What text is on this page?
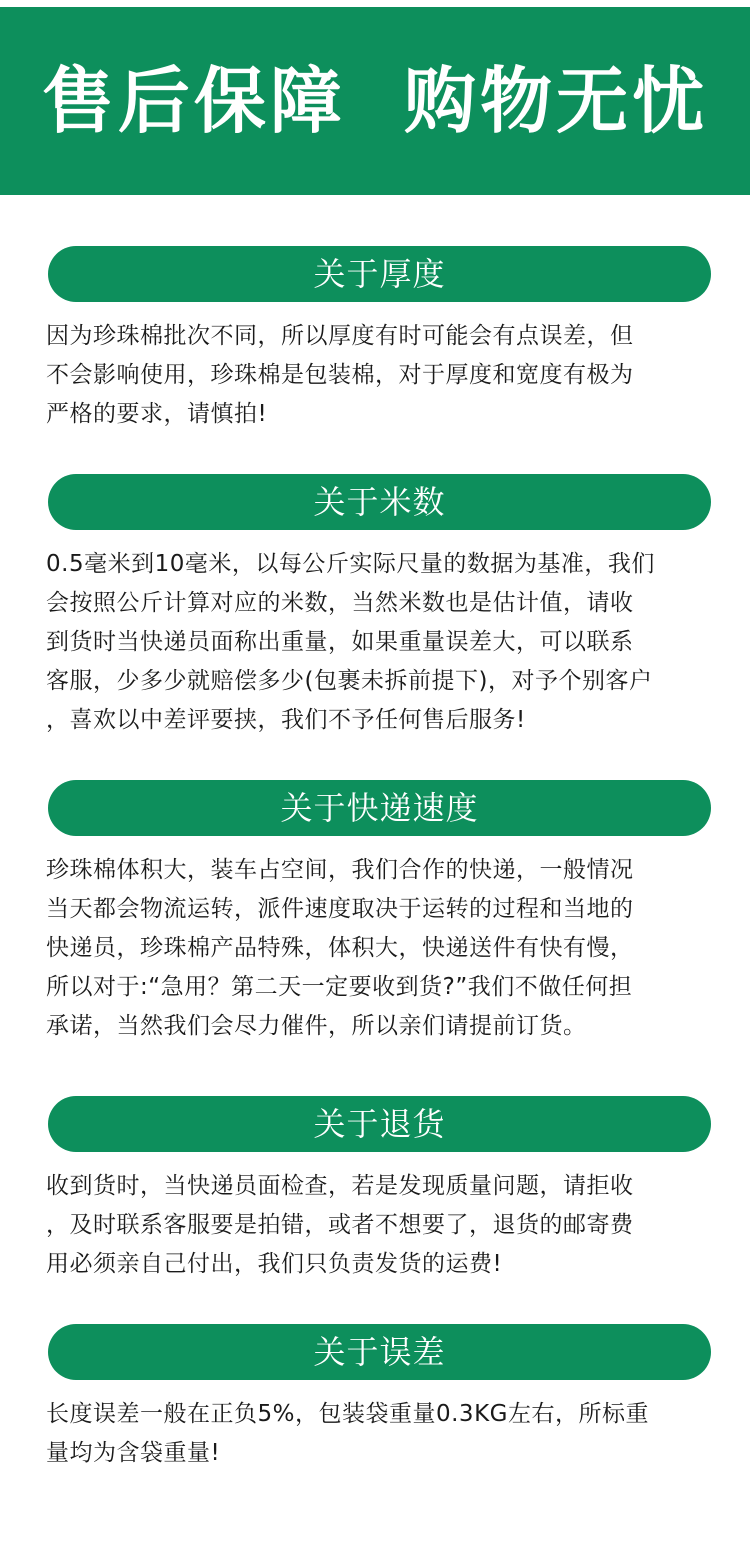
售后保障  购物无忧
关于厚度
因为珍珠棉批次不同，所以厚度有时可能会有点误差，但
不会影响使用，珍珠棉是包装棉，对于厚度和宽度有极为
严格的要求，请慎拍!
关于米数
0.5毫米到10毫米，以每公斤实际尺量的数据为基准，我们
会按照公斤计算对应的米数，当然米数也是估计值，请收
到货时当快递员面称出重量，如果重量误差大，可以联系
客服，少多少就赔偿多少(包裹未拆前提下)，对予个别客户
，喜欢以中差评要挟，我们不予任何售后服务!
关于快递速度
珍珠棉体积大，装车占空间，我们合作的快递，一般情况
当天都会物流运转，派件速度取决于运转的过程和当地的
快递员，珍珠棉产品特殊，体积大，快递送件有快有慢，
所以对于:“急用？第二天一定要收到货?”我们不做任何担
承诺，当然我们会尽力催件，所以亲们请提前订货。
关于退货
收到货时，当快递员面检查，若是发现质量问题，请拒收
，及时联系客服要是拍错，或者不想要了，退货的邮寄费
用必须亲自己付出，我们只负责发货的运费!
关于误差
长度误差一般在正负5%，包装袋重量0.3KG左右，所标重
量均为含袋重量!
